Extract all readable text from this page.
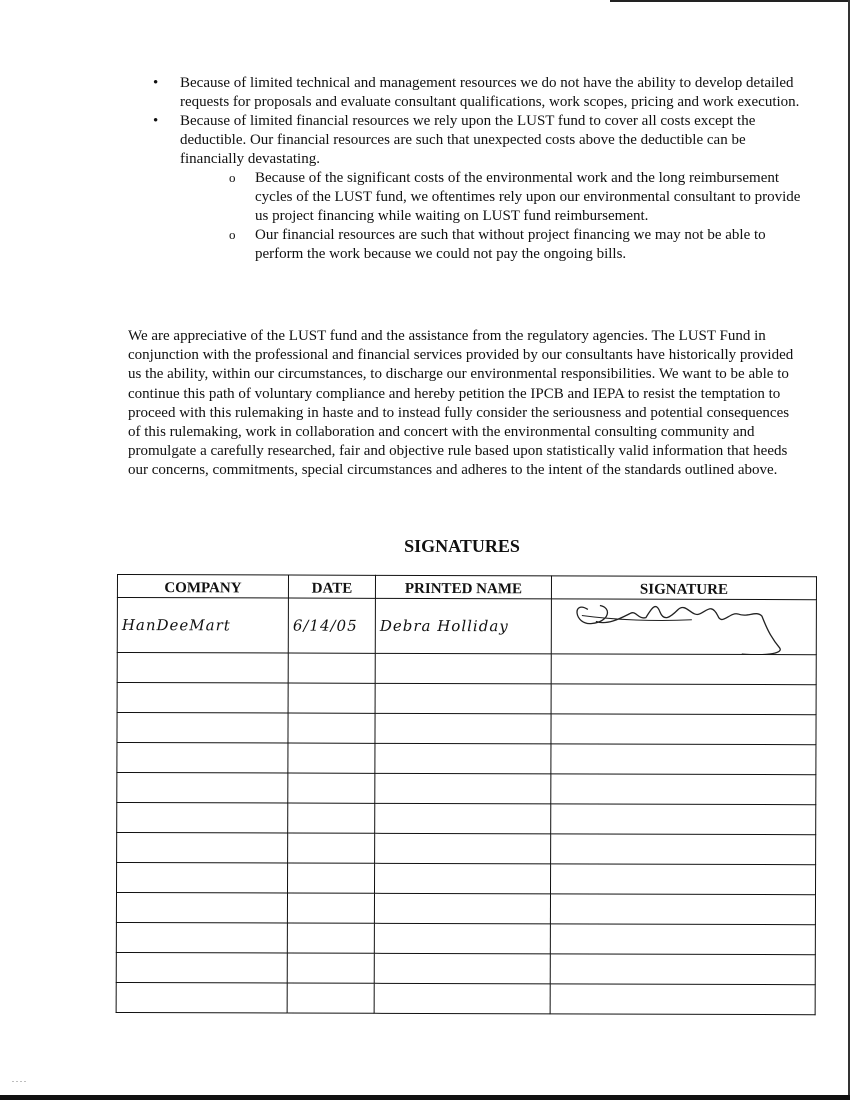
• Because of limited technical and management resources we do not have the ability to develop detailed requests for proposals and evaluate consultant qualifications, work scopes, pricing and work execution.
• Because of limited financial resources we rely upon the LUST fund to cover all costs except the deductible. Our financial resources are such that unexpected costs above the deductible can be financially devastating.
o Because of the significant costs of the environmental work and the long reimbursement cycles of the LUST fund, we oftentimes rely upon our environmental consultant to provide us project financing while waiting on LUST fund reimbursement.
o Our financial resources are such that without project financing we may not be able to perform the work because we could not pay the ongoing bills.

We are appreciative of the LUST fund and the assistance from the regulatory agencies. The LUST Fund in conjunction with the professional and financial services provided by our consultants have historically provided us the ability, within our circumstances, to discharge our environmental responsibilities. We want to be able to continue this path of voluntary compliance and hereby petition the IPCB and IEPA to resist the temptation to proceed with this rulemaking in haste and to instead fully consider the seriousness and potential consequences of this rulemaking, work in collaboration and concert with the environmental consulting community and promulgate a carefully researched, fair and objective rule based upon statistically valid information that heeds our concerns, commitments, special circumstances and adheres to the intent of the standards outlined above.

SIGNATURES
COMPANY	DATE	PRINTED NAME	SIGNATURE

HanDeeMart	6/14/05	Debra Holliday

. . . .
